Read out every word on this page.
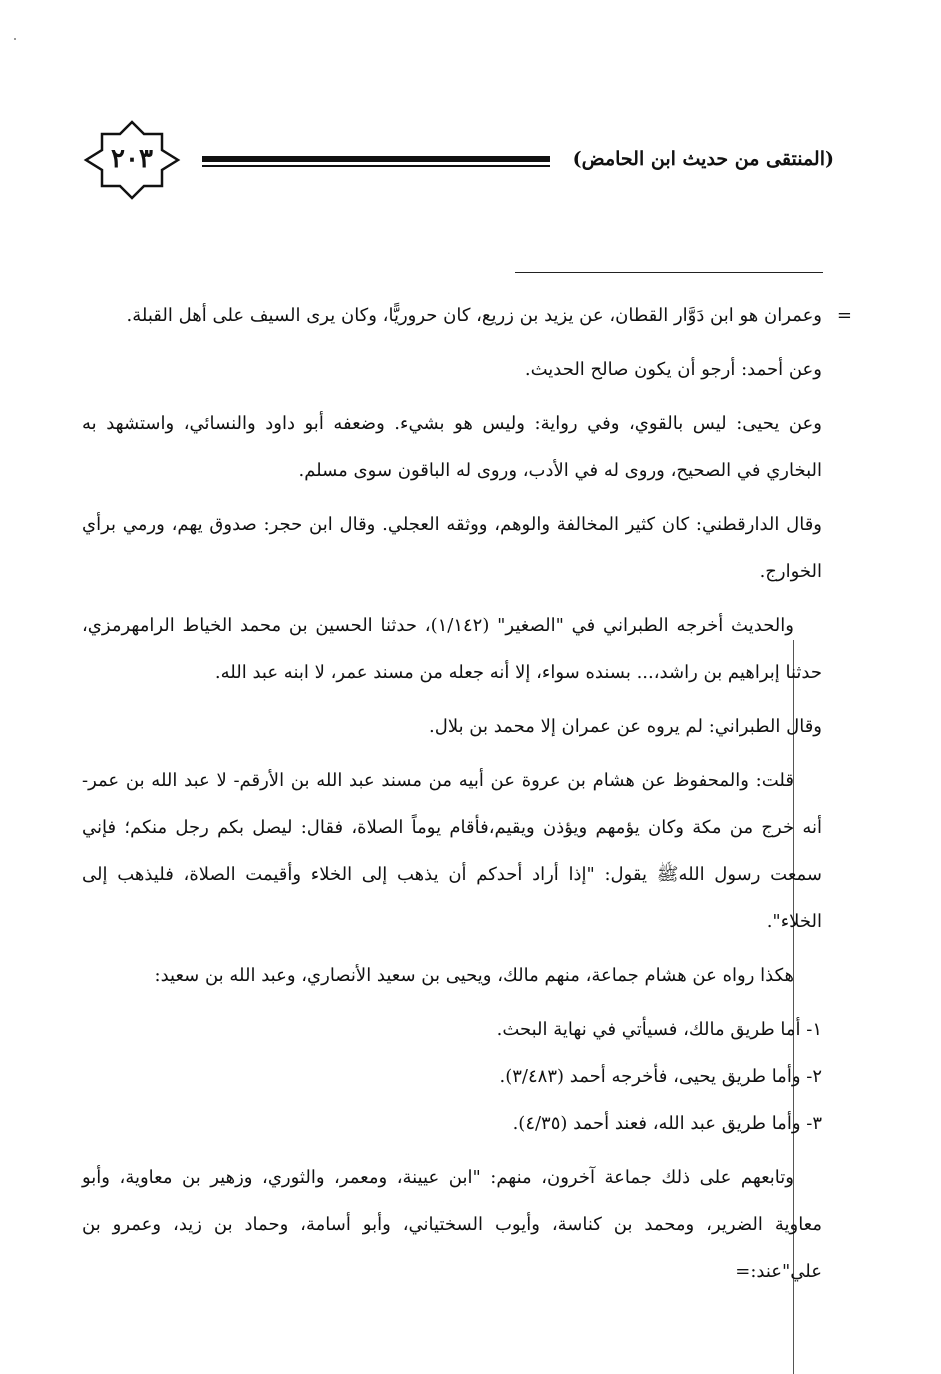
٢٠٣	(المنتقى من حديث ابن الحامض)

= وعمران هو ابن دَوَّار القطان، عن يزيد بن زريع، كان حروريًّا، وكان يرى السيف على أهل القبلة.

وعن أحمد: أرجو أن يكون صالح الحديث.

وعن يحيى: ليس بالقوي، وفي رواية: وليس هو بشيء. وضعفه أبو داود والنسائي، واستشهد به البخاري في الصحيح، وروى له في الأدب، وروى له الباقون سوى مسلم.

وقال الدارقطني: كان كثير المخالفة والوهم، ووثقه العجلي. وقال ابن حجر: صدوق يهم، ورمي برأي الخوارج.

والحديث أخرجه الطبراني في "الصغير" (١/١٤٢)، حدثنا الحسين بن محمد الخياط الرامهرمزي، حدثنا إبراهيم بن راشد،... بسنده سواء، إلا أنه جعله من مسند عمر، لا ابنه عبد الله.

وقال الطبراني: لم يروه عن عمران إلا محمد بن بلال.

قلت: والمحفوظ عن هشام بن عروة عن أبيه من مسند عبد الله بن الأرقم- لا عبد الله بن عمر- أنه خرج من مكة وكان يؤمهم ويؤذن ويقيم،فأقام يوماً الصلاة، فقال: ليصل بكم رجل منكم؛ فإني سمعت رسول اللهﷺ يقول: "إذا أراد أحدكم أن يذهب إلى الخلاء وأقيمت الصلاة، فليذهب إلى الخلاء".

هكذا رواه عن هشام جماعة، منهم مالك، ويحيى بن سعيد الأنصاري، وعبد الله بن سعيد:

١- أما طريق مالك، فسيأتي في نهاية البحث.

٢- وأما طريق يحيى، فأخرجه أحمد (٣/٤٨٣).

٣- وأما طريق عبد الله، فعند أحمد (٤/٣٥).

وتابعهم على ذلك جماعة آخرون، منهم: "ابن عيينة، ومعمر، والثوري، وزهير بن معاوية، وأبو معاوية الضرير، ومحمد بن كناسة، وأيوب السختياني، وأبو أسامة، وحماد بن زيد، وعمرو بن علي"عند:=
